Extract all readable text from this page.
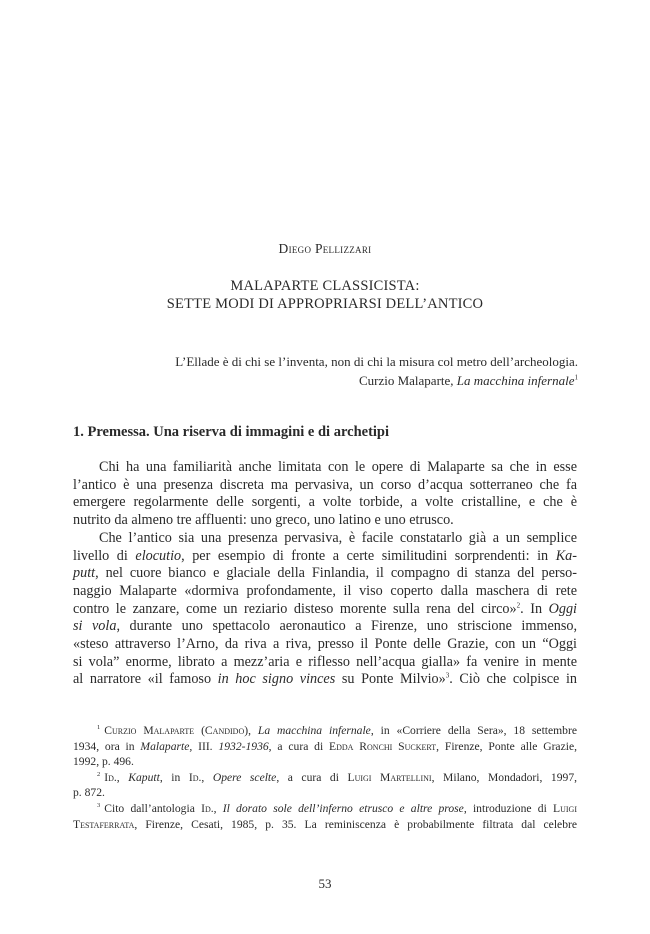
Diego Pellizzari
MALAPARTE CLASSICISTA:
SETTE MODI DI APPROPRIARSI DELL’ANTICO
L’Ellade è di chi se l’inventa, non di chi la misura col metro dell’archeologia.
Curzio Malaparte, La macchina infernale$^1$
1. Premessa. Una riserva di immagini e di archetipi
Chi ha una familiarità anche limitata con le opere di Malaparte sa che in esse
l’antico è una presenza discreta ma pervasiva, un corso d’acqua sotterraneo che fa
emergere regolarmente delle sorgenti, a volte torbide, a volte cristalline, e che è
nutrito da almeno tre affluenti: uno greco, uno latino e uno etrusco.
Che l’antico sia una presenza pervasiva, è facile constatarlo già a un semplice
livello di elocutio, per esempio di fronte a certe similitudini sorprendenti: in Ka-
putt, nel cuore bianco e glaciale della Finlandia, il compagno di stanza del perso-
naggio Malaparte «dormiva profondamente, il viso coperto dalla maschera di rete
contro le zanzare, come un reziario disteso morente sulla rena del circo»$^2$. In Oggi
si vola, durante uno spettacolo aeronautico a Firenze, uno striscione immenso,
«steso attraverso l’Arno, da riva a riva, presso il Ponte delle Grazie, con un “Oggi
si vola” enorme, librato a mezz’aria e riflesso nell’acqua gialla» fa venire in mente
al narratore «il famoso in hoc signo vinces su Ponte Milvio»$^3$. Ciò che colpisce in
$^1$ Curzio Malaparte (Candido), La macchina infernale, in «Corriere della Sera», 18 settembre
1934, ora in Malaparte, III. 1932-1936, a cura di Edda Ronchi Suckert, Firenze, Ponte alle Grazie,
1992, p. 496.
$^2$ Id., Kaputt, in Id., Opere scelte, a cura di Luigi Martellini, Milano, Mondadori, 1997,
p. 872.
$^3$ Cito dall’antologia Id., Il dorato sole dell’inferno etrusco e altre prose, introduzione di Luigi
Testaferrata, Firenze, Cesati, 1985, p. 35. La reminiscenza è probabilmente filtrata dal celebre
53
